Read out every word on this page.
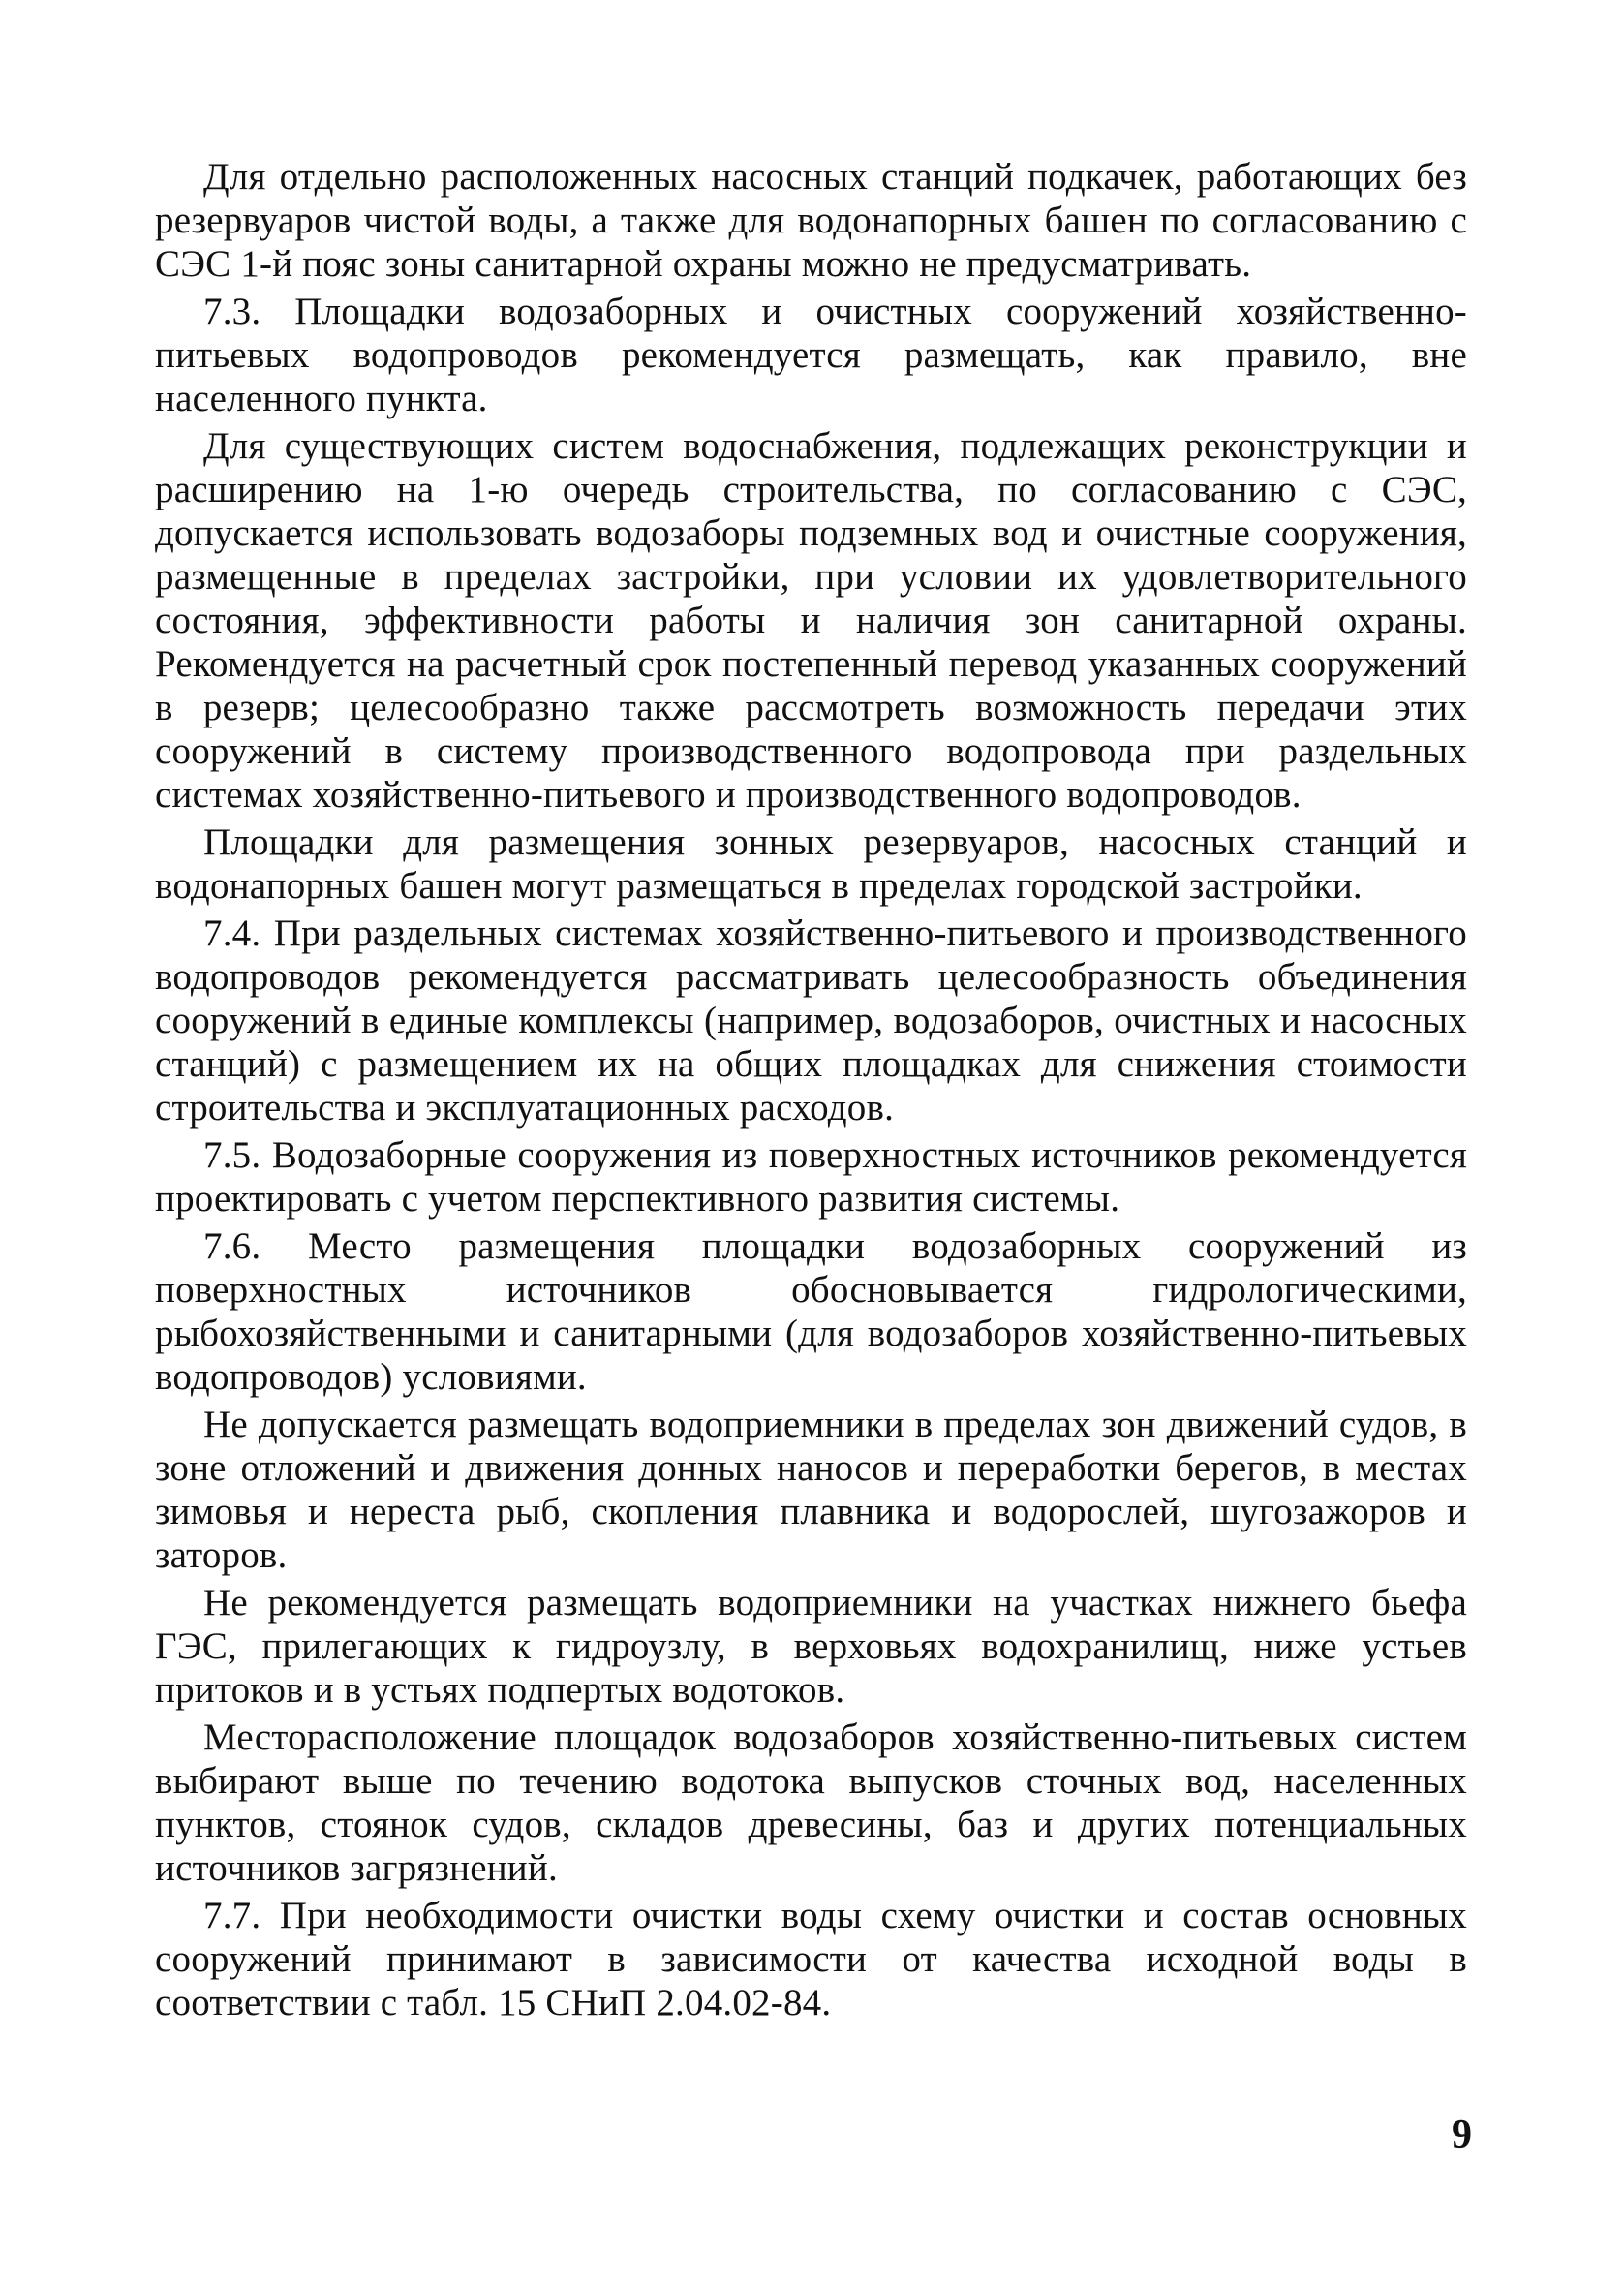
Для отдельно расположенных насосных станций подкачек, работающих без резервуаров чистой воды, а также для водонапорных башен по согласованию с СЭС 1-й пояс зоны санитарной охраны можно не предусматривать.

7.3. Площадки водозаборных и очистных сооружений хозяйственно-питьевых водопроводов рекомендуется размещать, как правило, вне населенного пункта.

Для существующих систем водоснабжения, подлежащих реконструкции и расширению на 1-ю очередь строительства, по согласованию с СЭС, допускается использовать водозаборы подземных вод и очистные сооружения, размещенные в пределах застройки, при условии их удовлетворительного состояния, эффективности работы и наличия зон санитарной охраны. Рекомендуется на расчетный срок постепенный перевод указанных сооружений в резерв; целесообразно также рассмотреть возможность передачи этих сооружений в систему производственного водопровода при раздельных системах хозяйственно-питьевого и производственного водопроводов.

Площадки для размещения зонных резервуаров, насосных станций и водонапорных башен могут размещаться в пределах городской застройки.

7.4. При раздельных системах хозяйственно-питьевого и производственного водопроводов рекомендуется рассматривать целесообразность объединения сооружений в единые комплексы (например, водозаборов, очистных и насосных станций) с размещением их на общих площадках для снижения стоимости строительства и эксплуатационных расходов.

7.5. Водозаборные сооружения из поверхностных источников рекомендуется проектировать с учетом перспективного развития системы.

7.6. Место размещения площадки водозаборных сооружений из поверхностных источников обосновывается гидрологическими, рыбохозяйственными и санитарными (для водозаборов хозяйственно-питьевых водопроводов) условиями.

Не допускается размещать водоприемники в пределах зон движений судов, в зоне отложений и движения донных наносов и переработки берегов, в местах зимовья и нереста рыб, скопления плавника и водорослей, шугозажоров и заторов.

Не рекомендуется размещать водоприемники на участках нижнего бьефа ГЭС, прилегающих к гидроузлу, в верховьях водохранилищ, ниже устьев притоков и в устьях подпертых водотоков.

Месторасположение площадок водозаборов хозяйственно-питьевых систем выбирают выше по течению водотока выпусков сточных вод, населенных пунктов, стоянок судов, складов древесины, баз и других потенциальных источников загрязнений.

7.7. При необходимости очистки воды схему очистки и состав основных сооружений принимают в зависимости от качества исходной воды в соответствии с табл. 15 СНиП 2.04.02-84.

9
